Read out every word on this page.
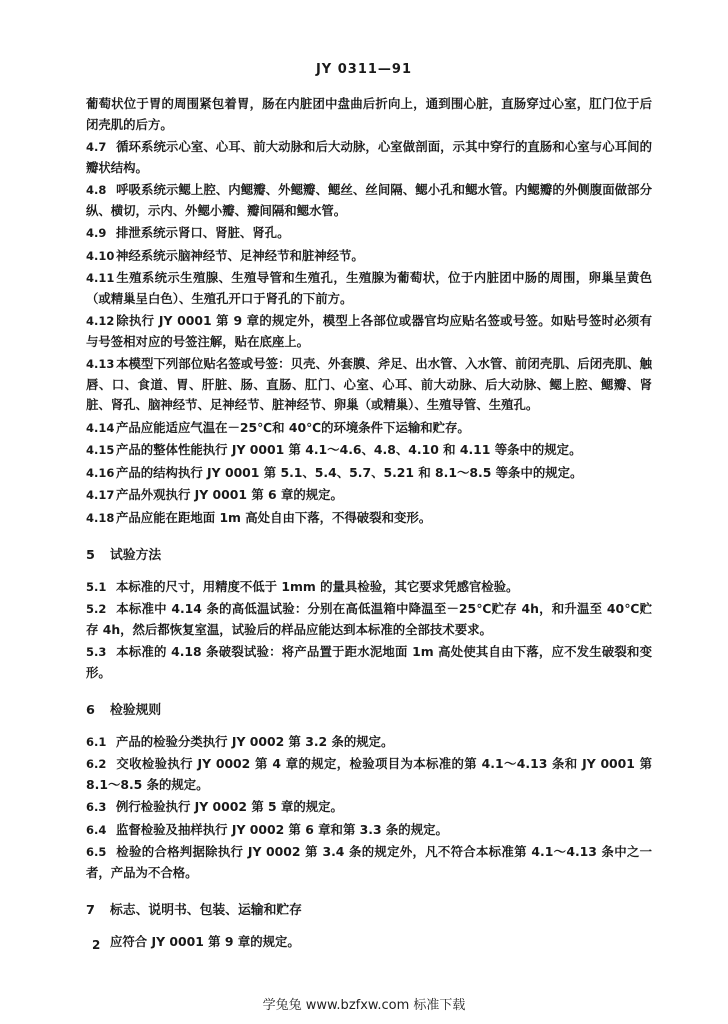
JY 0311—91

葡萄状位于胃的周围紧包着胃，肠在内脏团中盘曲后折向上，通到围心脏，直肠穿过心室，肛门位于后闭壳肌的后方。

4.7 循环系统示心室、心耳、前大动脉和后大动脉，心室做剖面，示其中穿行的直肠和心室与心耳间的瓣状结构。

4.8 呼吸系统示鳃上腔、内鳃瓣、外鳃瓣、鳃丝、丝间隔、鳃小孔和鳃水管。内鳃瓣的外侧腹面做部分纵、横切，示内、外鳃小瓣、瓣间隔和鳃水管。

4.9 排泄系统示肾口、肾脏、肾孔。

4.10 神经系统示脑神经节、足神经节和脏神经节。

4.11 生殖系统示生殖腺、生殖导管和生殖孔，生殖腺为葡萄状，位于内脏团中肠的周围，卵巢呈黄色（或精巢呈白色）、生殖孔开口于肾孔的下前方。

4.12 除执行 JY 0001 第 9 章的规定外，模型上各部位或器官均应贴名签或号签。如贴号签时必须有与号签相对应的号签注解，贴在底座上。

4.13 本模型下列部位贴名签或号签：贝壳、外套膜、斧足、出水管、入水管、前闭壳肌、后闭壳肌、触唇、口、食道、胃、肝脏、肠、直肠、肛门、心室、心耳、前大动脉、后大动脉、鳃上腔、鳃瓣、肾脏、肾孔、脑神经节、足神经节、脏神经节、卵巢（或精巢）、生殖导管、生殖孔。

4.14 产品应能适应气温在－25℃和 40℃的环境条件下运输和贮存。

4.15 产品的整体性能执行 JY 0001 第 4.1～4.6、4.8、4.10 和 4.11 等条中的规定。

4.16 产品的结构执行 JY 0001 第 5.1、5.4、5.7、5.21 和 8.1～8.5 等条中的规定。

4.17 产品外观执行 JY 0001 第 6 章的规定。

4.18 产品应能在距地面 1m 高处自由下落，不得破裂和变形。

5 试验方法

5.1 本标准的尺寸，用精度不低于 1mm 的量具检验，其它要求凭感官检验。

5.2 本标准中 4.14 条的高低温试验：分别在高低温箱中降温至－25℃贮存 4h，和升温至 40℃贮存 4h，然后都恢复室温，试验后的样品应能达到本标准的全部技术要求。

5.3 本标准的 4.18 条破裂试验：将产品置于距水泥地面 1m 高处使其自由下落，应不发生破裂和变形。

6 检验规则

6.1 产品的检验分类执行 JY 0002 第 3.2 条的规定。

6.2 交收检验执行 JY 0002 第 4 章的规定，检验项目为本标准的第 4.1～4.13 条和 JY 0001 第 8.1～8.5 条的规定。

6.3 例行检验执行 JY 0002 第 5 章的规定。

6.4 监督检验及抽样执行 JY 0002 第 6 章和第 3.3 条的规定。

6.5 检验的合格判据除执行 JY 0002 第 3.4 条的规定外，凡不符合本标准第 4.1～4.13 条中之一者，产品为不合格。

7 标志、说明书、包装、运输和贮存

应符合 JY 0001 第 9 章的规定。

2
学兔兔 www.bzfxw.com 标准下载
